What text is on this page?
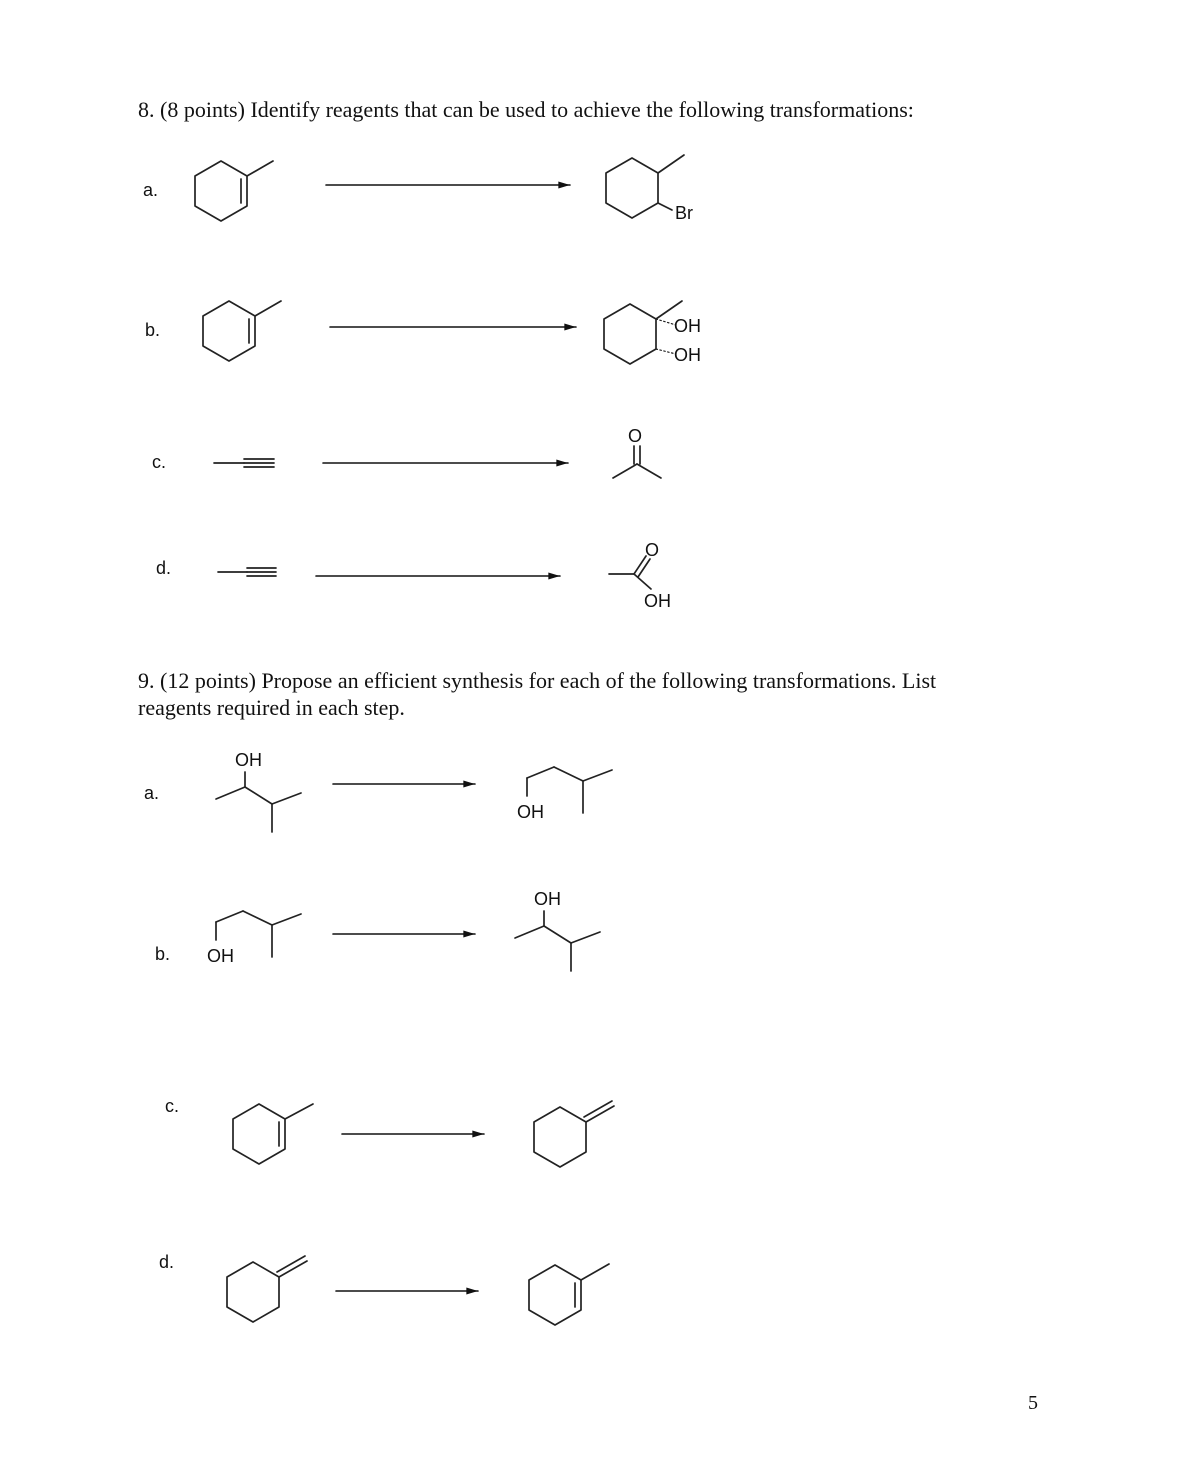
8. (8 points) Identify reagents that can be used to achieve the following transformations:
a.
b.
c.
d.
9. (12 points) Propose an efficient synthesis for each of the following transformations. List
reagents required in each step.
a.
b.
c.
d.
5
Br
OH
OH
O
O
OH
OH
OH
OH
OH
